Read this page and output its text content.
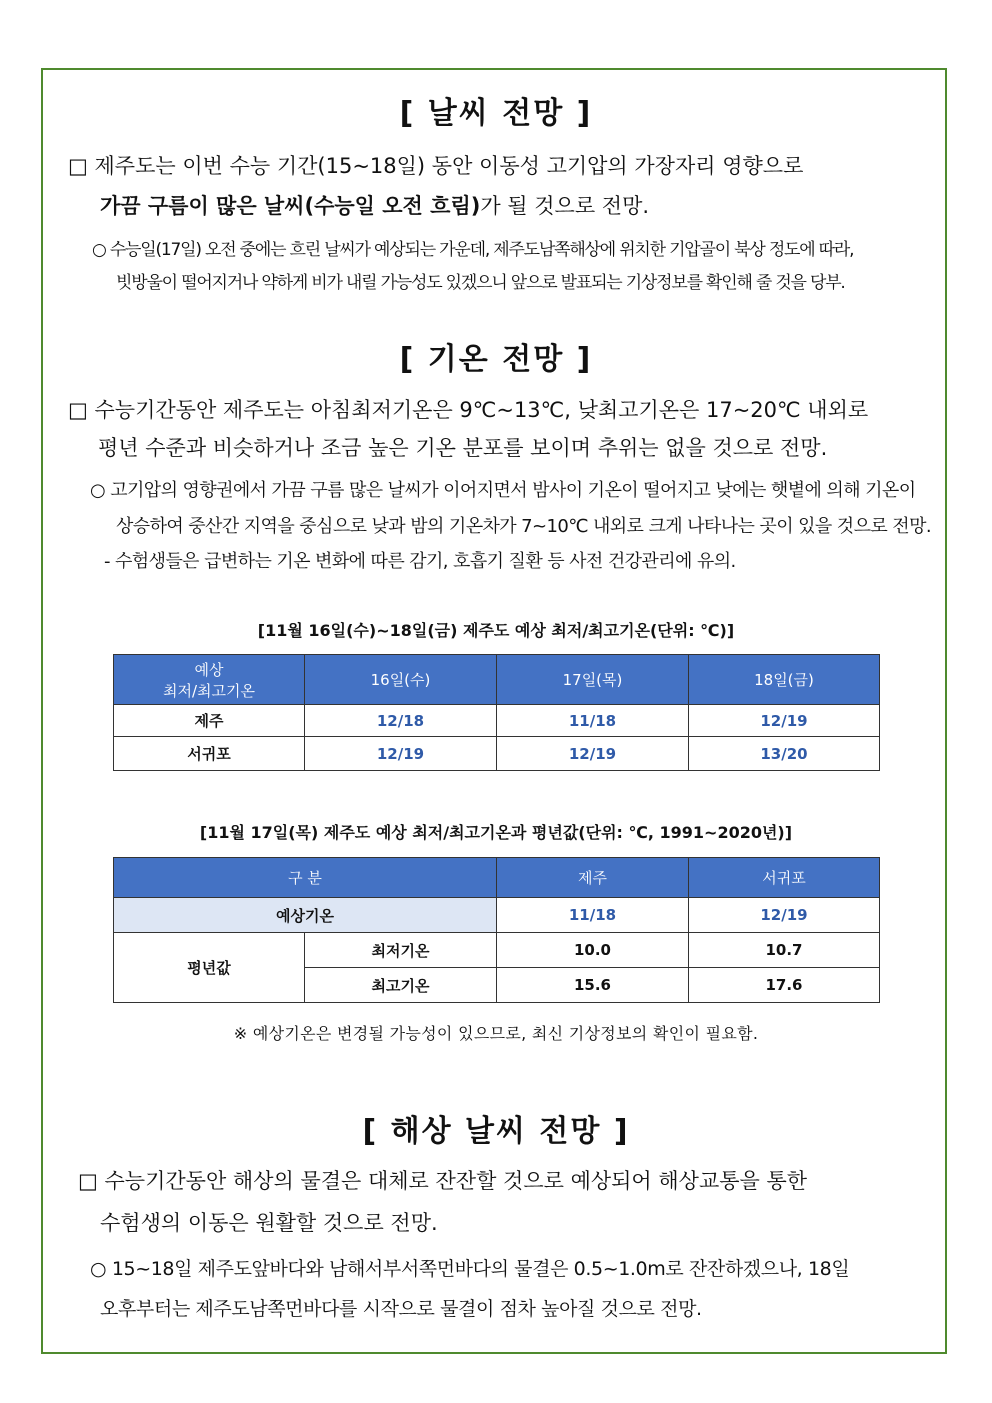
[ 날씨 전망 ]

□ 제주도는 이번 수능 기간(15~18일) 동안 이동성 고기압의 가장자리 영향으로

가끔 구름이 많은 날씨(수능일 오전 흐림)가 될 것으로 전망.

○ 수능일(17일) 오전 중에는 흐린 날씨가 예상되는 가운데, 제주도남쪽해상에 위치한 기압골이 북상 정도에 따라,

빗방울이 떨어지거나 약하게 비가 내릴 가능성도 있겠으니 앞으로 발표되는 기상정보를 확인해 줄 것을 당부.

[ 기온 전망 ]

□ 수능기간동안 제주도는 아침최저기온은 9℃~13℃, 낮최고기온은 17~20℃ 내외로

평년 수준과 비슷하거나 조금 높은 기온 분포를 보이며 추위는 없을 것으로 전망.

○ 고기압의 영향권에서 가끔 구름 많은 날씨가 이어지면서 밤사이 기온이 떨어지고 낮에는 햇볕에 의해 기온이

상승하여 중산간 지역을 중심으로 낮과 밤의 기온차가 7~10℃ 내외로 크게 나타나는 곳이 있을 것으로 전망.

- 수험생들은 급변하는 기온 변화에 따른 감기, 호흡기 질환 등 사전 건강관리에 유의.

[11월 16일(수)~18일(금) 제주도 예상 최저/최고기온(단위: ℃)]

예상
최저/최고기온	16일(수)	17일(목)	18일(금)
제주	12/18	11/18	12/19
서귀포	12/19	12/19	13/20

[11월 17일(목) 제주도 예상 최저/최고기온과 평년값(단위: ℃, 1991~2020년)]

구 분		제주	서귀포
예상기온		11/18	12/19
평년값	최저기온	10.0	10.7
	최고기온	15.6	17.6

※ 예상기온은 변경될 가능성이 있으므로, 최신 기상정보의 확인이 필요함.

[ 해상 날씨 전망 ]

□ 수능기간동안 해상의 물결은 대체로 잔잔할 것으로 예상되어 해상교통을 통한

수험생의 이동은 원활할 것으로 전망.

○ 15~18일 제주도앞바다와 남해서부서쪽먼바다의 물결은 0.5~1.0m로 잔잔하겠으나, 18일

오후부터는 제주도남쪽먼바다를 시작으로 물결이 점차 높아질 것으로 전망.
